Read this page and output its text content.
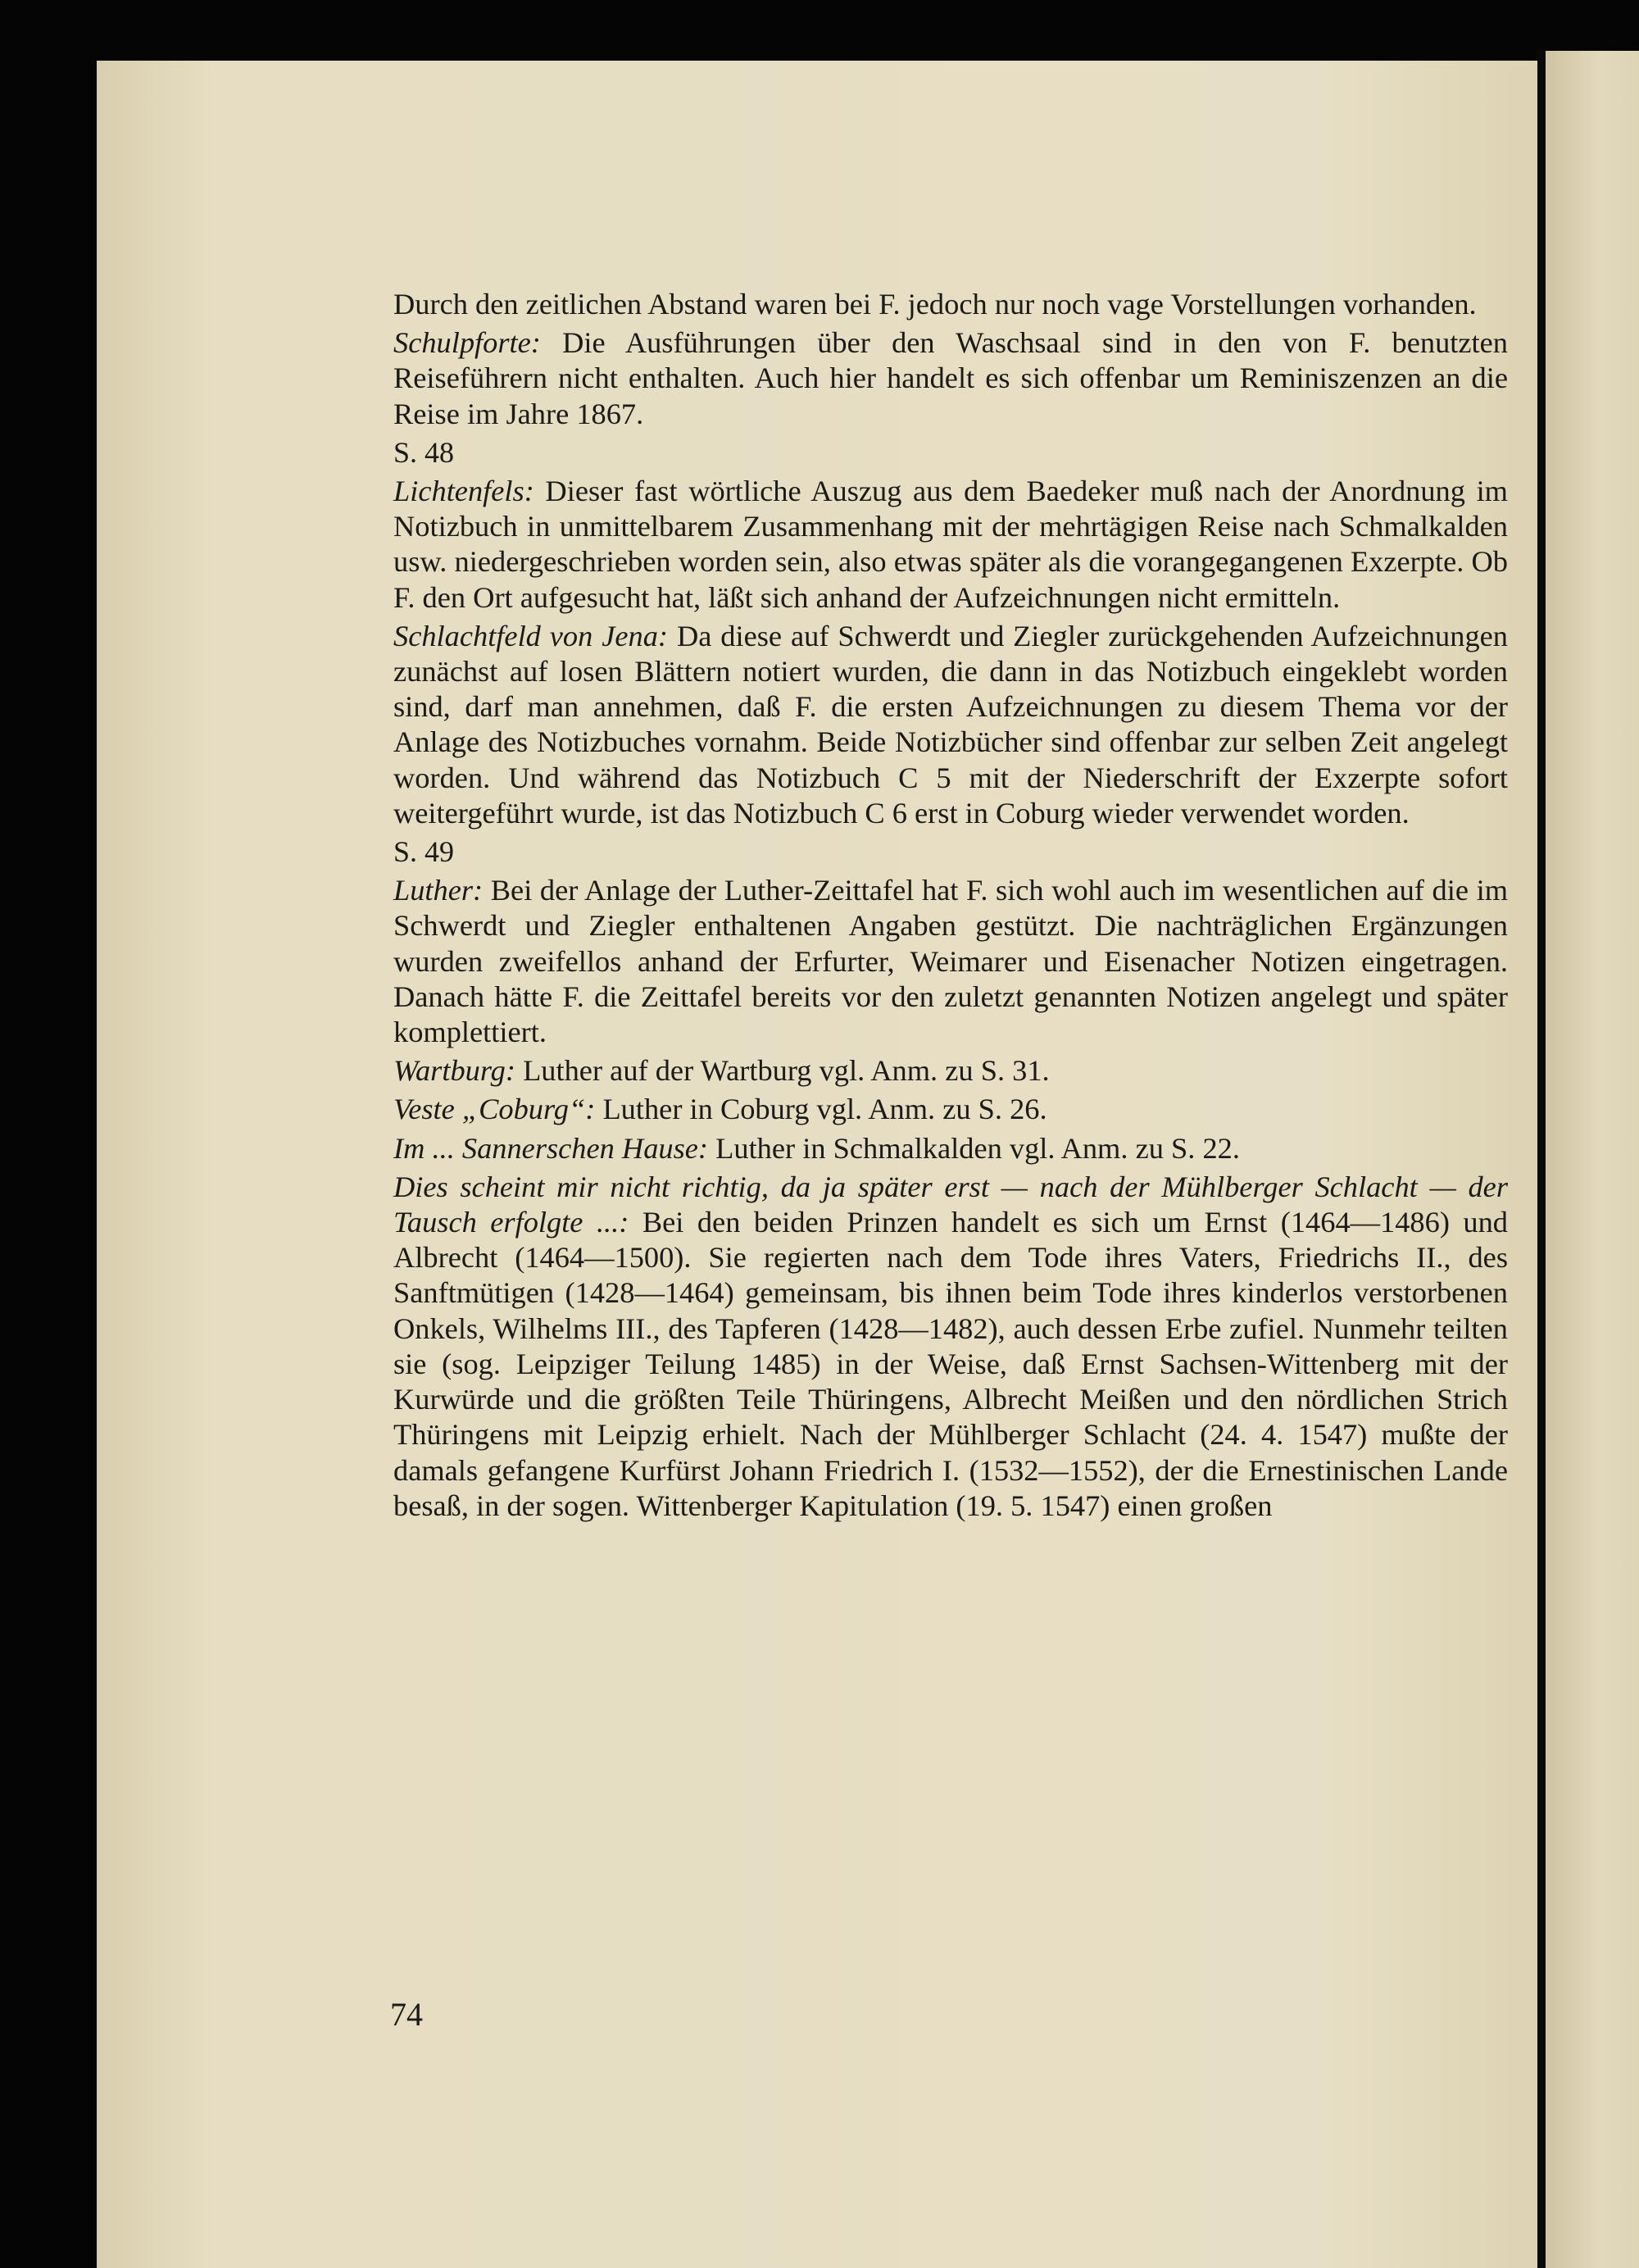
Durch den zeitlichen Abstand waren bei F. jedoch nur noch vage Vorstellungen vorhanden.

Schulpforte: Die Ausführungen über den Waschsaal sind in den von F. benutzten Reiseführern nicht enthalten. Auch hier handelt es sich offenbar um Reminiszenzen an die Reise im Jahre 1867.

S. 48

Lichtenfels: Dieser fast wörtliche Auszug aus dem Baedeker muß nach der Anordnung im Notizbuch in unmittelbarem Zusammenhang mit der mehrtägigen Reise nach Schmalkalden usw. niedergeschrieben worden sein, also etwas später als die vorangegangenen Exzerpte. Ob F. den Ort aufgesucht hat, läßt sich anhand der Aufzeichnungen nicht ermitteln.

Schlachtfeld von Jena: Da diese auf Schwerdt und Ziegler zurückgehenden Aufzeichnungen zunächst auf losen Blättern notiert wurden, die dann in das Notizbuch eingeklebt worden sind, darf man annehmen, daß F. die ersten Aufzeichnungen zu diesem Thema vor der Anlage des Notizbuches vornahm. Beide Notizbücher sind offenbar zur selben Zeit angelegt worden. Und während das Notizbuch C 5 mit der Niederschrift der Exzerpte sofort weitergeführt wurde, ist das Notizbuch C 6 erst in Coburg wieder verwendet worden.

S. 49

Luther: Bei der Anlage der Luther-Zeittafel hat F. sich wohl auch im wesentlichen auf die im Schwerdt und Ziegler enthaltenen Angaben gestützt. Die nachträglichen Ergänzungen wurden zweifellos anhand der Erfurter, Weimarer und Eisenacher Notizen eingetragen. Danach hätte F. die Zeittafel bereits vor den zuletzt genannten Notizen angelegt und später komplettiert.

Wartburg: Luther auf der Wartburg vgl. Anm. zu S. 31.

Veste „Coburg“: Luther in Coburg vgl. Anm. zu S. 26.

Im ... Sannerschen Hause: Luther in Schmalkalden vgl. Anm. zu S. 22.

Dies scheint mir nicht richtig, da ja später erst — nach der Mühlberger Schlacht — der Tausch erfolgte ...: Bei den beiden Prinzen handelt es sich um Ernst (1464—1486) und Albrecht (1464—1500). Sie regierten nach dem Tode ihres Vaters, Friedrichs II., des Sanftmütigen (1428—1464) gemeinsam, bis ihnen beim Tode ihres kinderlos verstorbenen Onkels, Wilhelms III., des Tapferen (1428—1482), auch dessen Erbe zufiel. Nunmehr teilten sie (sog. Leipziger Teilung 1485) in der Weise, daß Ernst Sachsen-Wittenberg mit der Kurwürde und die größten Teile Thüringens, Albrecht Meißen und den nördlichen Strich Thüringens mit Leipzig erhielt. Nach der Mühlberger Schlacht (24. 4. 1547) mußte der damals gefangene Kurfürst Johann Friedrich I. (1532—1552), der die Ernestinischen Lande besaß, in der sogen. Wittenberger Kapitulation (19. 5. 1547) einen großen

74
